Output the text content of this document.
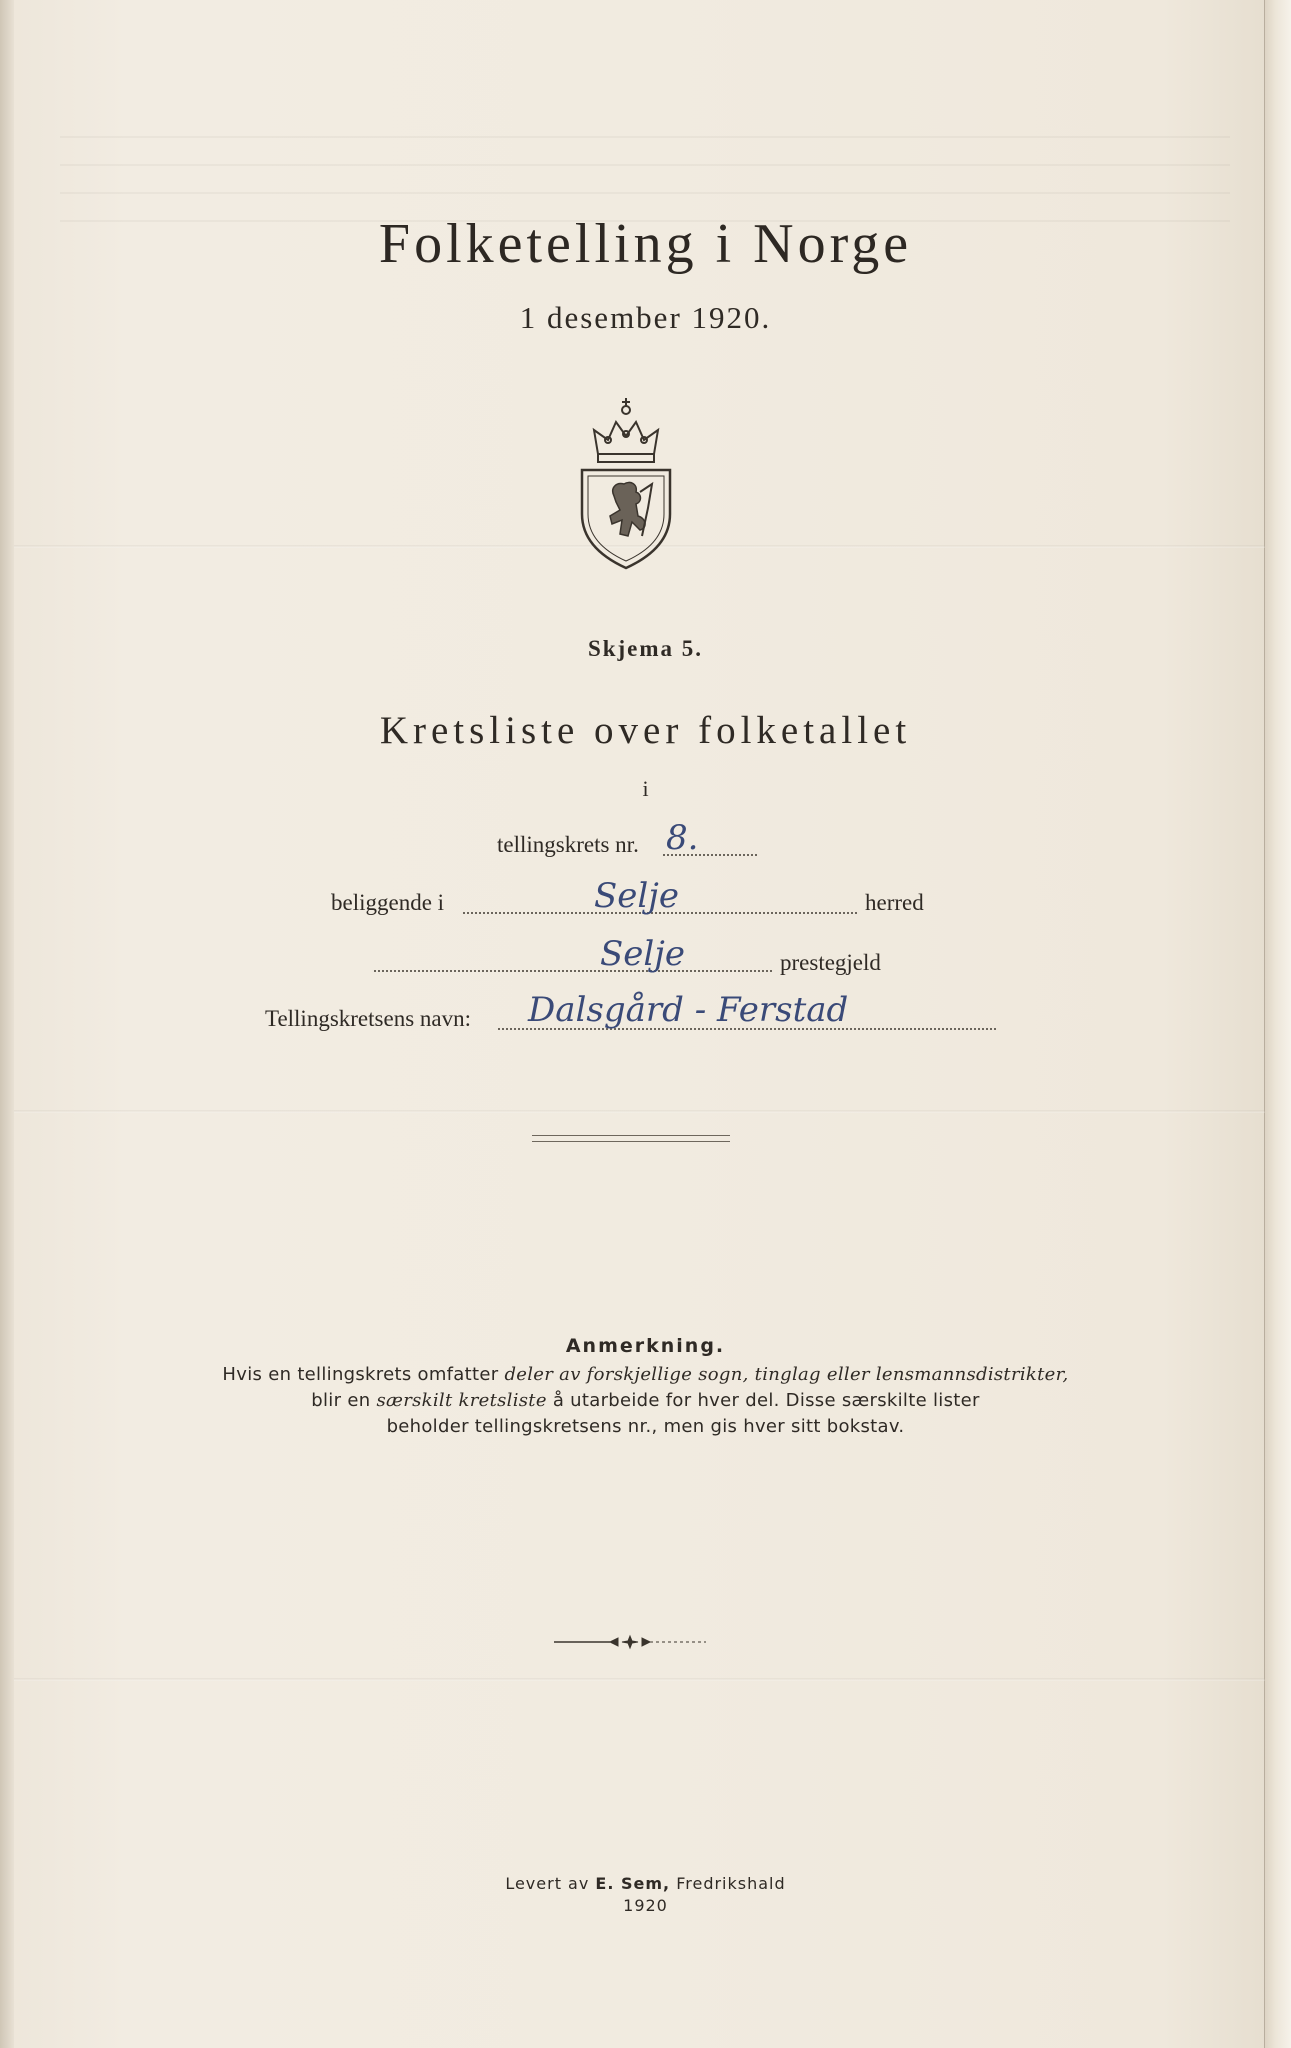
Folketelling i Norge
1 desember 1920.
Skjema 5.
Kretsliste over folketallet
i
tellingskrets nr. 8.
beliggende i	Selje	herred
Selje	prestegjeld
Tellingskretsens navn: Dalsgård - Ferstad
Anmerkning.
Hvis en tellingskrets omfatter deler av forskjellige sogn, tinglag eller lensmannsdistrikter,
blir en særskilt kretsliste å utarbeide for hver del. Disse særskilte lister
beholder tellingskretsens nr., men gis hver sitt bokstav.
Levert av E. Sem, Fredrikshald
1920
